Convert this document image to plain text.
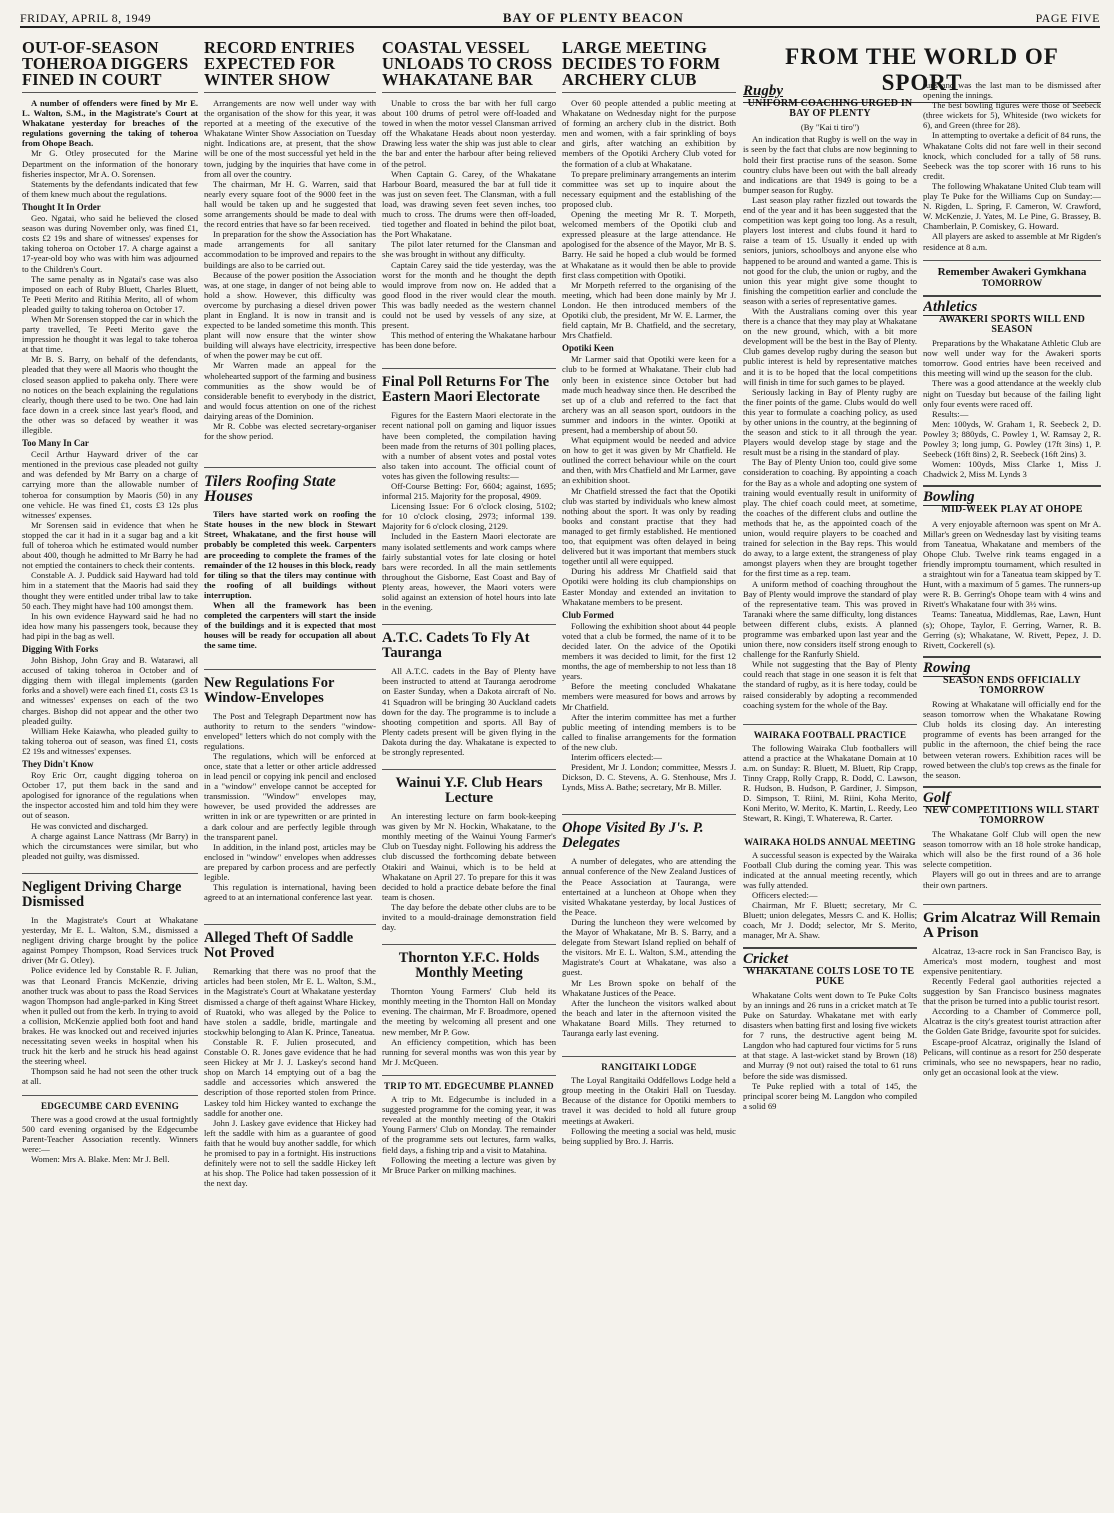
FRIDAY, APRIL 8, 1949	BAY OF PLENTY BEACON	PAGE FIVE
OUT-OF-SEASON TOHEROA DIGGERS FINED IN COURT

A number of offenders were fined by Mr E. L. Walton, S.M., in the Magistrate's Court at Whakatane yesterday for breaches of the regulations governing the taking of toheroa from Ohope Beach.

Mr G. Otley prosecuted for the Marine Department on the information of the honorary fisheries inspector, Mr A. O. Sorensen.

Statements by the defendants indicated that few of them knew much about the regulations.

Thought It In Order

Geo. Ngatai, who said he believed the closed season was during November only, was fined £1, costs £2 19s and share of witnesses' expenses for taking toheroa on October 17. A charge against a 17-year-old boy who was with him was adjourned to the Children's Court.

The same penalty as in Ngatai's case was also imposed on each of Ruby Bluett, Charles Bluett, Te Peeti Merito and Ritihia Merito, all of whom pleaded guilty to taking toheroa on October 17.

When Mr Sorensen stopped the car in which the party travelled, Te Peeti Merito gave the impression he thought it was legal to take toheroa at that time.

Mr B. S. Barry, on behalf of the defendants, pleaded that they were all Maoris who thought the closed season applied to pakeha only. There were no notices on the beach explaining the regulations clearly, though there used to be two. One had lain face down in a creek since last year's flood, and the other was so defaced by weather it was illegible.

Too Many In Car

Cecil Arthur Hayward driver of the car mentioned in the previous case pleaded not guilty and was defended by Mr Barry on a charge of carrying more than the allowable number of toheroa for consumption by Maoris (50) in any one vehicle. He was fined £1, costs £3 12s plus witnesses' expenses.

Mr Sorensen said in evidence that when he stopped the car it had in it a sugar bag and a kit full of toheroa which he estimated would number about 400, though he admitted to Mr Barry he had not emptied the containers to check their contents.

Constable A. J. Puddick said Hayward had told him in a statement that the Maoris had said they thought they were entitled under tribal law to take 50 each. They might have had 100 amongst them.

In his own evidence Hayward said he had no idea how many his passengers took, because they had pipi in the bag as well.

Digging With Forks

John Bishop, John Gray and B. Watarawi, all accused of taking toheroa in October and of digging them with illegal implements (garden forks and a shovel) were each fined £1, costs £3 1s and witnesses' expenses on each of the two charges. Bishop did not appear and the other two pleaded guilty.

William Heke Kaiawha, who pleaded guilty to taking toheroa out of season, was fined £1, costs £2 19s and witnesses' expenses.

They Didn't Know

Roy Eric Orr, caught digging toheroa on October 17, put them back in the sand and apologised for ignorance of the regulations when the inspector accosted him and told him they were out of season.

He was convicted and discharged.

A charge against Lance Nattrass (Mr Barry) in which the circumstances were similar, but who pleaded not guilty, was dismissed.

Negligent Driving Charge Dismissed

In the Magistrate's Court at Whakatane yesterday, Mr E. L. Walton, S.M., dismissed a negligent driving charge brought by the police against Pompey Thompson, Road Services truck driver (Mr G. Otley).

Police evidence led by Constable R. F. Julian, was that Leonard Francis McKenzie, driving another truck was about to pass the Road Services wagon Thompson had angle-parked in King Street when it pulled out from the kerb. In trying to avoid a collision, McKenzie applied both foot and hand brakes. He was knocked out and received injuries necessitating seven weeks in hospital when his truck hit the kerb and he struck his head against the steering wheel.

Thompson said he had not seen the other truck at all.

EDGECUMBE CARD EVENING

There was a good crowd at the usual fortnightly 500 card evening organised by the Edgecumbe Parent-Teacher Association recently. Winners were:—

Women: Mrs A. Blake. Men: Mr J. Bell.

RECORD ENTRIES EXPECTED FOR WINTER SHOW

Arrangements are now well under way with the organisation of the show for this year, it was reported at a meeting of the executive of the Whakatane Winter Show Association on Tuesday night. Indications are, at present, that the show will be one of the most successful yet held in the town, judging by the inquiries that have come in from all over the country.

The chairman, Mr H. G. Warren, said that nearly every square foot of the 9000 feet in the hall would be taken up and he suggested that some arrangements should be made to deal with the record entries that have so far been received.

In preparation for the show the Association has made arrangements for all sanitary accommodation to be improved and repairs to the buildings are also to be carried out.

Because of the power position the Association was, at one stage, in danger of not being able to hold a show. However, this difficulty was overcome by purchasing a diesel driven power plant in England. It is now in transit and is expected to be landed sometime this month. This plant will now ensure that the winter show building will always have electricity, irrespective of when the power may be cut off.

Mr Warren made an appeal for the wholehearted support of the farming and business communities as the show would be of considerable benefit to everybody in the district, and would focus attention on one of the richest dairying areas of the Dominion.

Mr R. Cobbe was elected secretary-organiser for the show period.

Tilers Roofing State Houses

Tilers have started work on roofing the State houses in the new block in Stewart Street, Whakatane, and the first house will probably be completed this week. Carpenters are proceeding to complete the frames of the remainder of the 12 houses in this block, ready for tiling so that the tilers may continue with the roofing of all buildings without interruption.

When all the framework has been completed the carpenters will start the inside of the buildings and it is expected that most houses will be ready for occupation all about the same time.

New Regulations For Window-Envelopes

The Post and Telegraph Department now has authority to return to the senders "window-enveloped" letters which do not comply with the regulations.

The regulations, which will be enforced at once, state that a letter or other article addressed in lead pencil or copying ink pencil and enclosed in a "window" envelope cannot be accepted for transmission. "Window" envelopes may, however, be used provided the addresses are written in ink or are typewritten or are printed in a dark colour and are perfectly legible through the transparent panel.

In addition, in the inland post, articles may be enclosed in "window" envelopes when addresses are prepared by carbon process and are perfectly legible.

This regulation is international, having been agreed to at an international conference last year.

Alleged Theft Of Saddle Not Proved

Remarking that there was no proof that the articles had been stolen, Mr E. L. Walton, S.M., in the Magistrate's Court at Whakatane yesterday dismissed a charge of theft against Whare Hickey, of Ruatoki, who was alleged by the Police to have stolen a saddle, bridle, martingale and stockwhip belonging to Alan K. Prince, Taneatua.

Constable R. F. Julien prosecuted, and Constable O. R. Jones gave evidence that he had seen Hickey at Mr J. J. Laskey's second hand shop on March 14 emptying out of a bag the saddle and accessories which answered the description of those reported stolen from Prince. Laskey told him Hickey wanted to exchange the saddle for another one.

John J. Laskey gave evidence that Hickey had left the saddle with him as a guarantee of good faith that he would buy another saddle, for which he promised to pay in a fortnight. His instructions definitely were not to sell the saddle Hickey left at his shop. The Police had taken possession of it the next day.

COASTAL VESSEL UNLOADS TO CROSS WHAKATANE BAR

Unable to cross the bar with her full cargo about 100 drums of petrol were off-loaded and towed in when the motor vessel Clansman arrived off the Whakatane Heads about noon yesterday. Drawing less water the ship was just able to clear the bar and enter the harbour after being relieved of the petrol.

When Captain G. Carey, of the Whakatane Harbour Board, measured the bar at full tide it was just on seven feet. The Clansman, with a full load, was drawing seven feet seven inches, too much to cross. The drums were then off-loaded, tied together and floated in behind the pilot boat, the Port Whakatane.

The pilot later returned for the Clansman and she was brought in without any difficulty.

Captain Carey said the tide yesterday, was the worst for the month and he thought the depth would improve from now on. He added that a good flood in the river would clear the mouth. This was badly needed as the western channel could not be used by vessels of any size, at present.

This method of entering the Whakatane harbour has been done before.

Final Poll Returns For The Eastern Maori Electorate

Figures for the Eastern Maori electorate in the recent national poll on gaming and liquor issues have been completed, the compilation having been made from the returns of 301 polling places, with a number of absent votes and postal votes also taken into account. The official count of votes has given the following results:—

Off-Course Betting: For, 6604; against, 1695; informal 215. Majority for the proposal, 4909.

Licensing Issue: For 6 o'clock closing, 5102; for 10 o'clock closing, 2973; informal 139. Majority for 6 o'clock closing, 2129.

Included in the Eastern Maori electorate are many isolated settlements and work camps where fairly substantial votes for late closing or hotel bars were recorded. In all the main settlements throughout the Gisborne, East Coast and Bay of Plenty areas, however, the Maori voters were solid against an extension of hotel hours into late in the evening.

A.T.C. Cadets To Fly At Tauranga

All A.T.C. cadets in the Bay of Plenty have been instructed to attend at Tauranga aerodrome on Easter Sunday, when a Dakota aircraft of No. 41 Squadron will be bringing 30 Auckland cadets down for the day. The programme is to include a shooting competition and sports. All Bay of Plenty cadets present will be given flying in the Dakota during the day. Whakatane is expected to be strongly represented.

Wainui Y.F. Club Hears Lecture

An interesting lecture on farm book-keeping was given by Mr N. Hockin, Whakatane, to the monthly meeting of the Wainui Young Farmer's Club on Tuesday night. Following his address the club discussed the forthcoming debate between Otakiri and Wainui, which is to be held at Whakatane on April 27. To prepare for this it was decided to hold a practice debate before the final team is chosen.

The day before the debate other clubs are to be invited to a mould-drainage demonstration field day.

Thornton Y.F.C. Holds Monthly Meeting

Thornton Young Farmers' Club held its monthly meeting in the Thornton Hall on Monday evening. The chairman, Mr F. Broadmore, opened the meeting by welcoming all present and one new member, Mr P. Gow.

An efficiency competition, which has been running for several months was won this year by Mr J. McQueen.

TRIP TO MT. EDGECUMBE PLANNED

A trip to Mt. Edgecumbe is included in a suggested programme for the coming year, it was revealed at the monthly meeting of the Otakiri Young Farmers' Club on Monday. The remainder of the programme sets out lectures, farm walks, field days, a fishing trip and a visit to Matahina.

Following the meeting a lecture was given by Mr Bruce Parker on milking machines.

LARGE MEETING DECIDES TO FORM ARCHERY CLUB

Over 60 people attended a public meeting at Whakatane on Wednesday night for the purpose of forming an archery club in the district. Both men and women, with a fair sprinkling of boys and girls, after watching an exhibition by members of the Opotiki Archery Club voted for the formation of a club at Whakatane.

To prepare preliminary arrangements an interim committee was set up to inquire about the necessary equipment and the establishing of the proposed club.

Opening the meeting Mr R. T. Morpeth, welcomed members of the Opotiki club and expressed pleasure at the large attendance. He apologised for the absence of the Mayor, Mr B. S. Barry. He said he hoped a club would be formed at Whakatane as it would then be able to provide first class competition with Opotiki.

Mr Morpeth referred to the organising of the meeting, which had been done mainly by Mr J. London. He then introduced members of the Opotiki club, the president, Mr W. E. Larmer, the field captain, Mr B. Chatfield, and the secretary, Mrs Chatfield.

Opotiki Keen

Mr Larmer said that Opotiki were keen for a club to be formed at Whakatane. Their club had only been in existence since October but had made much headway since then. He described the set up of a club and referred to the fact that archery was an all season sport, outdoors in the summer and indoors in the winter. Opotiki at present, had a membership of about 50.

What equipment would be needed and advice on how to get it was given by Mr Chatfield. He outlined the correct behaviour while on the court and then, with Mrs Chatfield and Mr Larmer, gave an exhibition shoot.

Mr Chatfield stressed the fact that the Opotiki club was started by individuals who knew almost nothing about the sport. It was only by reading books and constant practise that they had managed to get firmly established. He mentioned too, that equipment was often delayed in being delivered but it was important that members stuck together until all were equipped.

During his address Mr Chatfield said that Opotiki were holding its club championships on Easter Monday and extended an invitation to Whakatane members to be present.

Club Formed

Following the exhibition shoot about 44 people voted that a club be formed, the name of it to be decided later. On the advice of the Opotiki members it was decided to limit, for the first 12 months, the age of membership to not less than 18 years.

Before the meeting concluded Whakatane members were measured for bows and arrows by Mr Chatfield.

After the interim committee has met a further public meeting of intending members is to be called to finalise arrangements for the formation of the new club.

Interim officers elected:—

President, Mr J. London; committee, Messrs J. Dickson, D. C. Stevens, A. G. Stenhouse, Mrs J. Lynds, Miss A. Bathe; secretary, Mr B. Miller.

Ohope Visited By J's. P. Delegates

A number of delegates, who are attending the annual conference of the New Zealand Justices of the Peace Association at Tauranga, were entertained at a luncheon at Ohope when they visited Whakatane yesterday, by local Justices of the Peace.

During the luncheon they were welcomed by the Mayor of Whakatane, Mr B. S. Barry, and a delegate from Stewart Island replied on behalf of the visitors. Mr E. L. Walton, S.M., attending the Magistrate's Court at Whakatane, was also a guest.

Mr Les Brown spoke on behalf of the Whakatane Justices of the Peace.

After the luncheon the visitors walked about the beach and later in the afternoon visited the Whakatane Board Mills. They returned to Tauranga early last evening.

RANGITAIKI LODGE

The Loyal Rangitaiki Oddfellows Lodge held a group meeting in the Otakiri Hall on Tuesday. Because of the distance for Opotiki members to travel it was decided to hold all future group meetings at Awakeri.

Following the meeting a social was held, music being supplied by Bro. J. Harris.

FROM THE WORLD OF SPORT
Rugby
UNIFORM COACHING URGED IN BAY OF PLENTY
(By "Kai ti tiro")

An indication that Rugby is well on the way in is seen by the fact that clubs are now beginning to hold their first practise runs of the season. Some country clubs have been out with the ball already and indications are that 1949 is going to be a bumper season for Rugby.

Last season play rather fizzled out towards the end of the year and it has been suggested that the competition was kept going too long. As a result, players lost interest and clubs found it hard to raise a team of 15. Usually it ended up with seniors, juniors, schoolboys and anyone else who happened to be around and wanted a game. This is not good for the club, the union or rugby, and the union this year might give some thought to finishing the competition earlier and conclude the season with a series of representative games.

With the Australians coming over this year there is a chance that they may play at Whakatane on the new ground, which, with a bit more development will be the best in the Bay of Plenty. Club games develop rugby during the season but public interest is held by representative matches and it is to be hoped that the local competitions will finish in time for such games to be played.

Seriously lacking in Bay of Plenty rugby are the finer points of the game. Clubs would do well this year to formulate a coaching policy, as used by other unions in the country, at the beginning of the season and stick to it all through the year. Players would develop stage by stage and the result must be a rising in the standard of play.

The Bay of Plenty Union too, could give some consideration to coaching. By appointing a coach for the Bay as a whole and adopting one system of training would eventually result in uniformity of play. The chief coach could meet, at sometime, the coaches of the different clubs and outline the methods that he, as the appointed coach of the union, would require players to be coached and trained for selection in the Bay reps. This would do away, to a large extent, the strangeness of play amongst players when they are brought together for the first time as a rep. team.

A uniform method of coaching throughout the Bay of Plenty would improve the standard of play of the representative team. This was proved in Taranaki where the same difficulty, long distances between different clubs, exists. A planned programme was embarked upon last year and the union there, now considers itself strong enough to challenge for the Ranfurly Shield.

While not suggesting that the Bay of Plenty could reach that stage in one season it is felt that the standard of rugby, as it is here today, could be raised considerably by adopting a recommended coaching system for the whole of the Bay.

WAIRAKA FOOTBALL PRACTICE

The following Wairaka Club footballers will attend a practice at the Whakatane Domain at 10 a.m. on Sunday: R. Bluett, M. Bluett, Rip Crapp, Tinny Crapp, Rolly Crapp, R. Dodd, C. Lawson, R. Hudson, B. Hudson, P. Gardiner, J. Simpson, D. Simpson, T. Riini, M. Riini, Koha Merito, Koni Merito, W. Merito, K. Martin, L. Reedy, Leo Stewart, R. Kingi, T. Whaterewa, R. Carter.

WAIRAKA HOLDS ANNUAL MEETING

A successful season is expected by the Wairaka Football Club during the coming year. This was indicated at the annual meeting recently, which was fully attended.

Officers elected:—

Chairman, Mr F. Bluett; secretary, Mr C. Bluett; union delegates, Messrs C. and K. Hollis; coach, Mr J. Dodd; selector, Mr S. Merito, manager, Mr A. Shaw.

Cricket
WHAKATANE COLTS LOSE TO TE PUKE

Whakatane Colts went down to Te Puke Colts by an innings and 26 runs in a cricket match at Te Puke on Saturday. Whakatane met with early disasters when batting first and losing five wickets for 7 runs, the destructive agent being M. Langdon who had captured four victims for 5 runs at that stage. A last-wicket stand by Brown (18) and Murray (9 not out) raised the total to 61 runs before the side was dismissed.

Te Puke replied with a total of 145, the principal scorer being M. Langdon who compiled a solid 69

runs and was the last man to be dismissed after opening the innings.

The best bowling figures were those of Seebeck (three wickets for 5), Whiteside (two wickets for 6), and Green (three for 28).

In attempting to overtake a deficit of 84 runs, the Whakatane Colts did not fare well in their second knock, which concluded for a tally of 58 runs. Seebeck was the top scorer with 16 runs to his credit.

The following Whakatane United Club team will play Te Puke for the Williams Cup on Sunday:— N. Rigden, L. Spring, F. Cameron, W. Crawford, W. McKenzie, J. Yates, M. Le Pine, G. Brassey, B. Chamberlain, P. Comiskey, G. Howard.

All players are asked to assemble at Mr Rigden's residence at 8 a.m.

Remember Awakeri Gymkhana
TOMORROW
Athletics
AWAKERI SPORTS WILL END SEASON

Preparations by the Whakatane Athletic Club are now well under way for the Awakeri sports tomorrow. Good entries have been received and this meeting will wind up the season for the club.

There was a good attendance at the weekly club night on Tuesday but because of the failing light only four events were raced off.

Results:—

Men: 100yds, W. Graham 1, R. Seebeck 2, D. Powley 3; 880yds, C. Powley 1, W. Ramsay 2, R. Powley 3; long jump, G. Powley (17ft 3ins) 1, P. Seebeck (16ft 8ins) 2, R. Seebeck (16ft 2ins) 3.

Women: 100yds, Miss Clarke 1, Miss J. Chadwick 2, Miss M. Lynds 3

Bowling
MID-WEEK PLAY AT OHOPE

A very enjoyable afternoon was spent on Mr A. Millar's green on Wednesday last by visiting teams from Taneatua, Whakatane and members of the Ohope Club. Twelve rink teams engaged in a friendly impromptu tournament, which resulted in a straightout win for a Taneatua team skipped by T. Hunt, with a maximum of 5 games. The runners-up were R. B. Gerring's Ohope team with 4 wins and Rivett's Whakatane four with 3½ wins.

Teams: Taneatua, Middlemas, Rae, Lawn, Hunt (s); Ohope, Taylor, F. Gerring, Warner, R. B. Gerring (s); Whakatane, W. Rivett, Pepez, J. D. Rivett, Cockerell (s).

Rowing
SEASON ENDS OFFICIALLY TOMORROW

Rowing at Whakatane will officially end for the season tomorrow when the Whakatane Rowing Club holds its closing day. An interesting programme of events has been arranged for the public in the afternoon, the chief being the race between veteran rowers. Exhibition races will be rowed between the club's top crews as the finale for the season.

Golf
NEW COMPETITIONS WILL START TOMORROW

The Whakatane Golf Club will open the new season tomorrow with an 18 hole stroke handicap, which will also be the first round of a 36 hole selecte competition.

Players will go out in threes and are to arrange their own partners.

Grim Alcatraz Will Remain A Prison

Alcatraz, 13-acre rock in San Francisco Bay, is America's most modern, toughest and most expensive penitentiary.

Recently Federal gaol authorities rejected a suggestion by San Francisco business magnates that the prison be turned into a public tourist resort.

According to a Chamber of Commerce poll, Alcatraz is the city's greatest tourist attraction after the Golden Gate Bridge, favourite spot for suicides.

Escape-proof Alcatraz, originally the Island of Pelicans, will continue as a resort for 250 desperate criminals, who see no newspapers, hear no radio, only get an occasional look at the view.
